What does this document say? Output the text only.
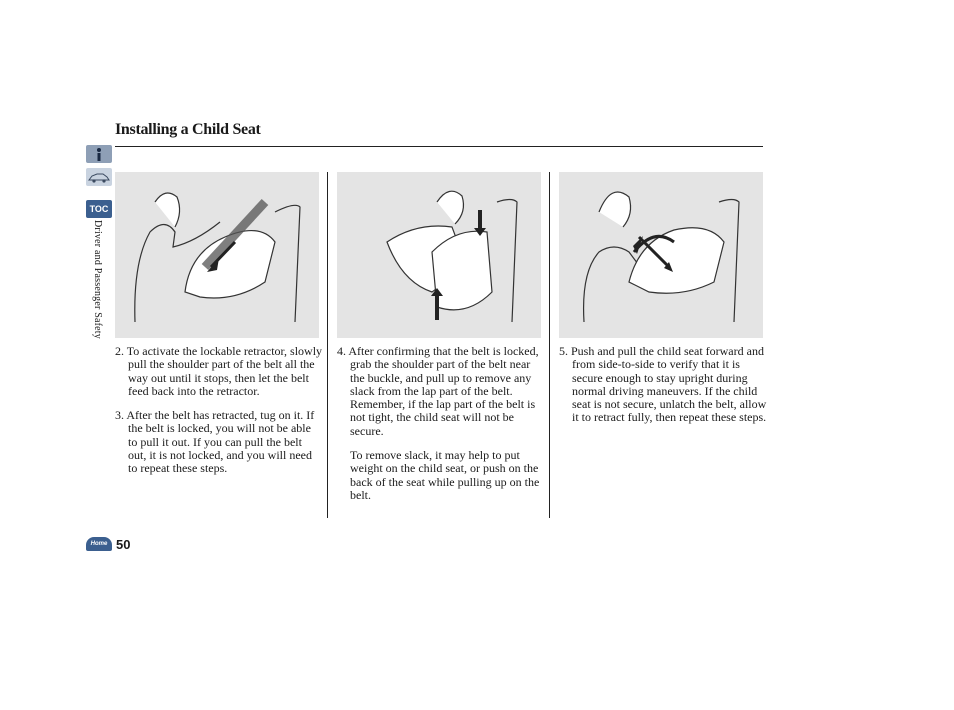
Installing a Child Seat
TOC
Driver and Passenger Safety

2. To activate the lockable retractor, slowly pull the shoulder part of the belt all the way out until it stops, then let the belt feed back into the retractor.

3. After the belt has retracted, tug on it. If the belt is locked, you will not be able to pull it out. If you can pull the belt out, it is not locked, and you will need to repeat these steps.

4. After confirming that the belt is locked, grab the shoulder part of the belt near the buckle, and pull up to remove any slack from the lap part of the belt. Remember, if the lap part of the belt is not tight, the child seat will not be secure.

To remove slack, it may help to put weight on the child seat, or push on the back of the seat while pulling up on the belt.

5. Push and pull the child seat forward and from side-to-side to verify that it is secure enough to stay upright during normal driving maneuvers. If the child seat is not secure, unlatch the belt, allow it to retract fully, then repeat these steps.

Home 50
